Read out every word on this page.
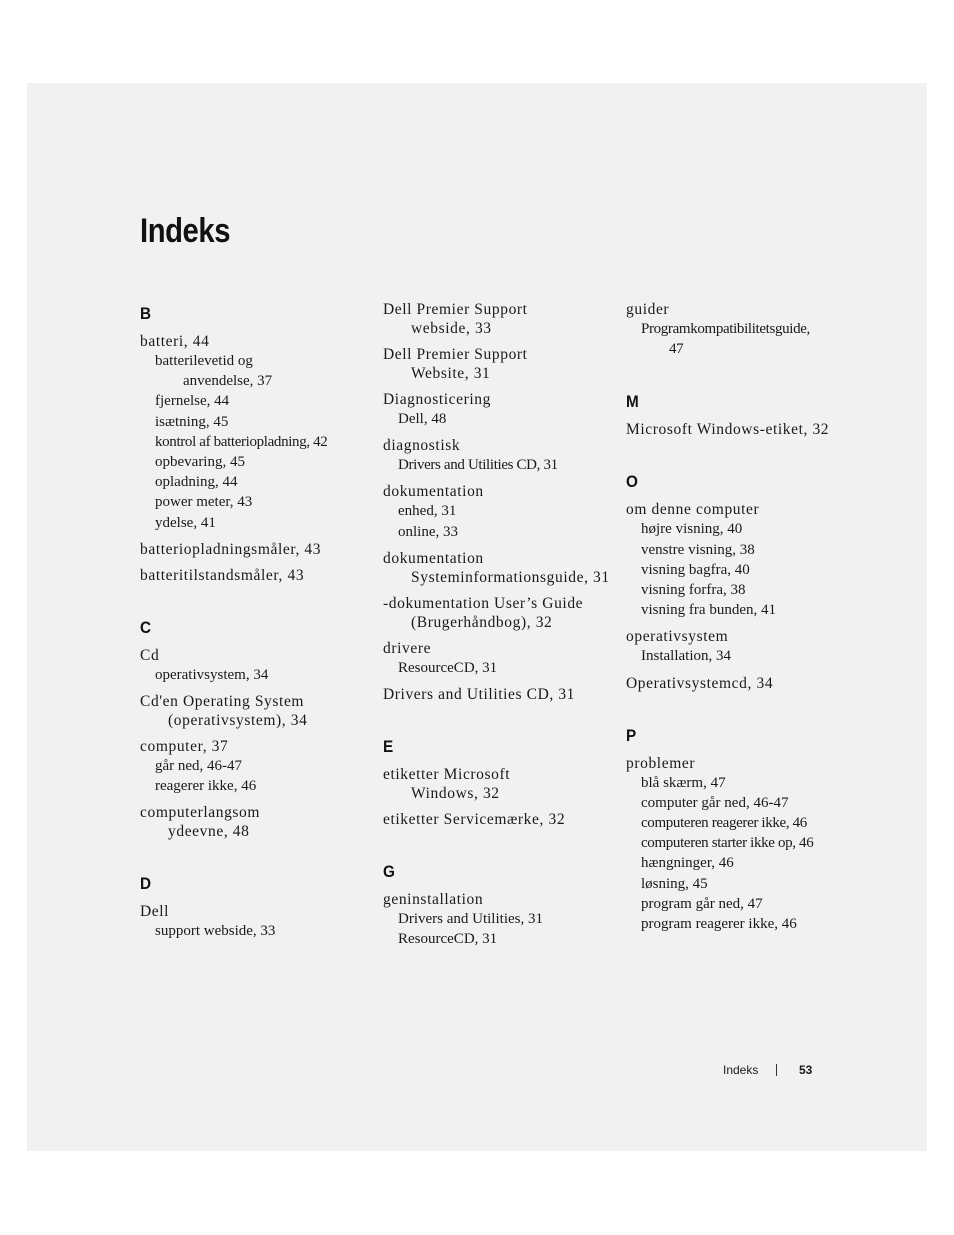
Indeks
B
batteri, 44
batterilevetid og
anvendelse, 37
fjernelse, 44
isætning, 45
kontrol af batteriopladning, 42
opbevaring, 45
opladning, 44
power meter, 43
ydelse, 41
batteriopladningsmåler, 43
batteritilstandsmåler, 43
C
Cd
operativsystem, 34
Cd'en Operating System
(operativsystem), 34
computer, 37
går ned, 46-47
reagerer ikke, 46
computerlangsom
ydeevne, 48
D
Dell
support webside, 33
Dell Premier Support
webside, 33
Dell Premier Support
Website, 31
Diagnosticering
Dell, 48
diagnostisk
Drivers and Utilities CD, 31
dokumentation
enhed, 31
online, 33
dokumentation
Systeminformationsguide, 31
-dokumentation User’s Guide
(Brugerhåndbog), 32
drivere
ResourceCD, 31
Drivers and Utilities CD, 31
E
etiketter Microsoft
Windows, 32
etiketter Servicemærke, 32
G
geninstallation
Drivers and Utilities, 31
ResourceCD, 31
guider
Programkompatibilitetsguide,
47
M
Microsoft Windows-etiket, 32
O
om denne computer
højre visning, 40
venstre visning, 38
visning bagfra, 40
visning forfra, 38
visning fra bunden, 41
operativsystem
Installation, 34
Operativsystemcd, 34
P
problemer
blå skærm, 47
computer går ned, 46-47
computeren reagerer ikke, 46
computeren starter ikke op, 46
hængninger, 46
løsning, 45
program går ned, 47
program reagerer ikke, 46
Indeks	53
